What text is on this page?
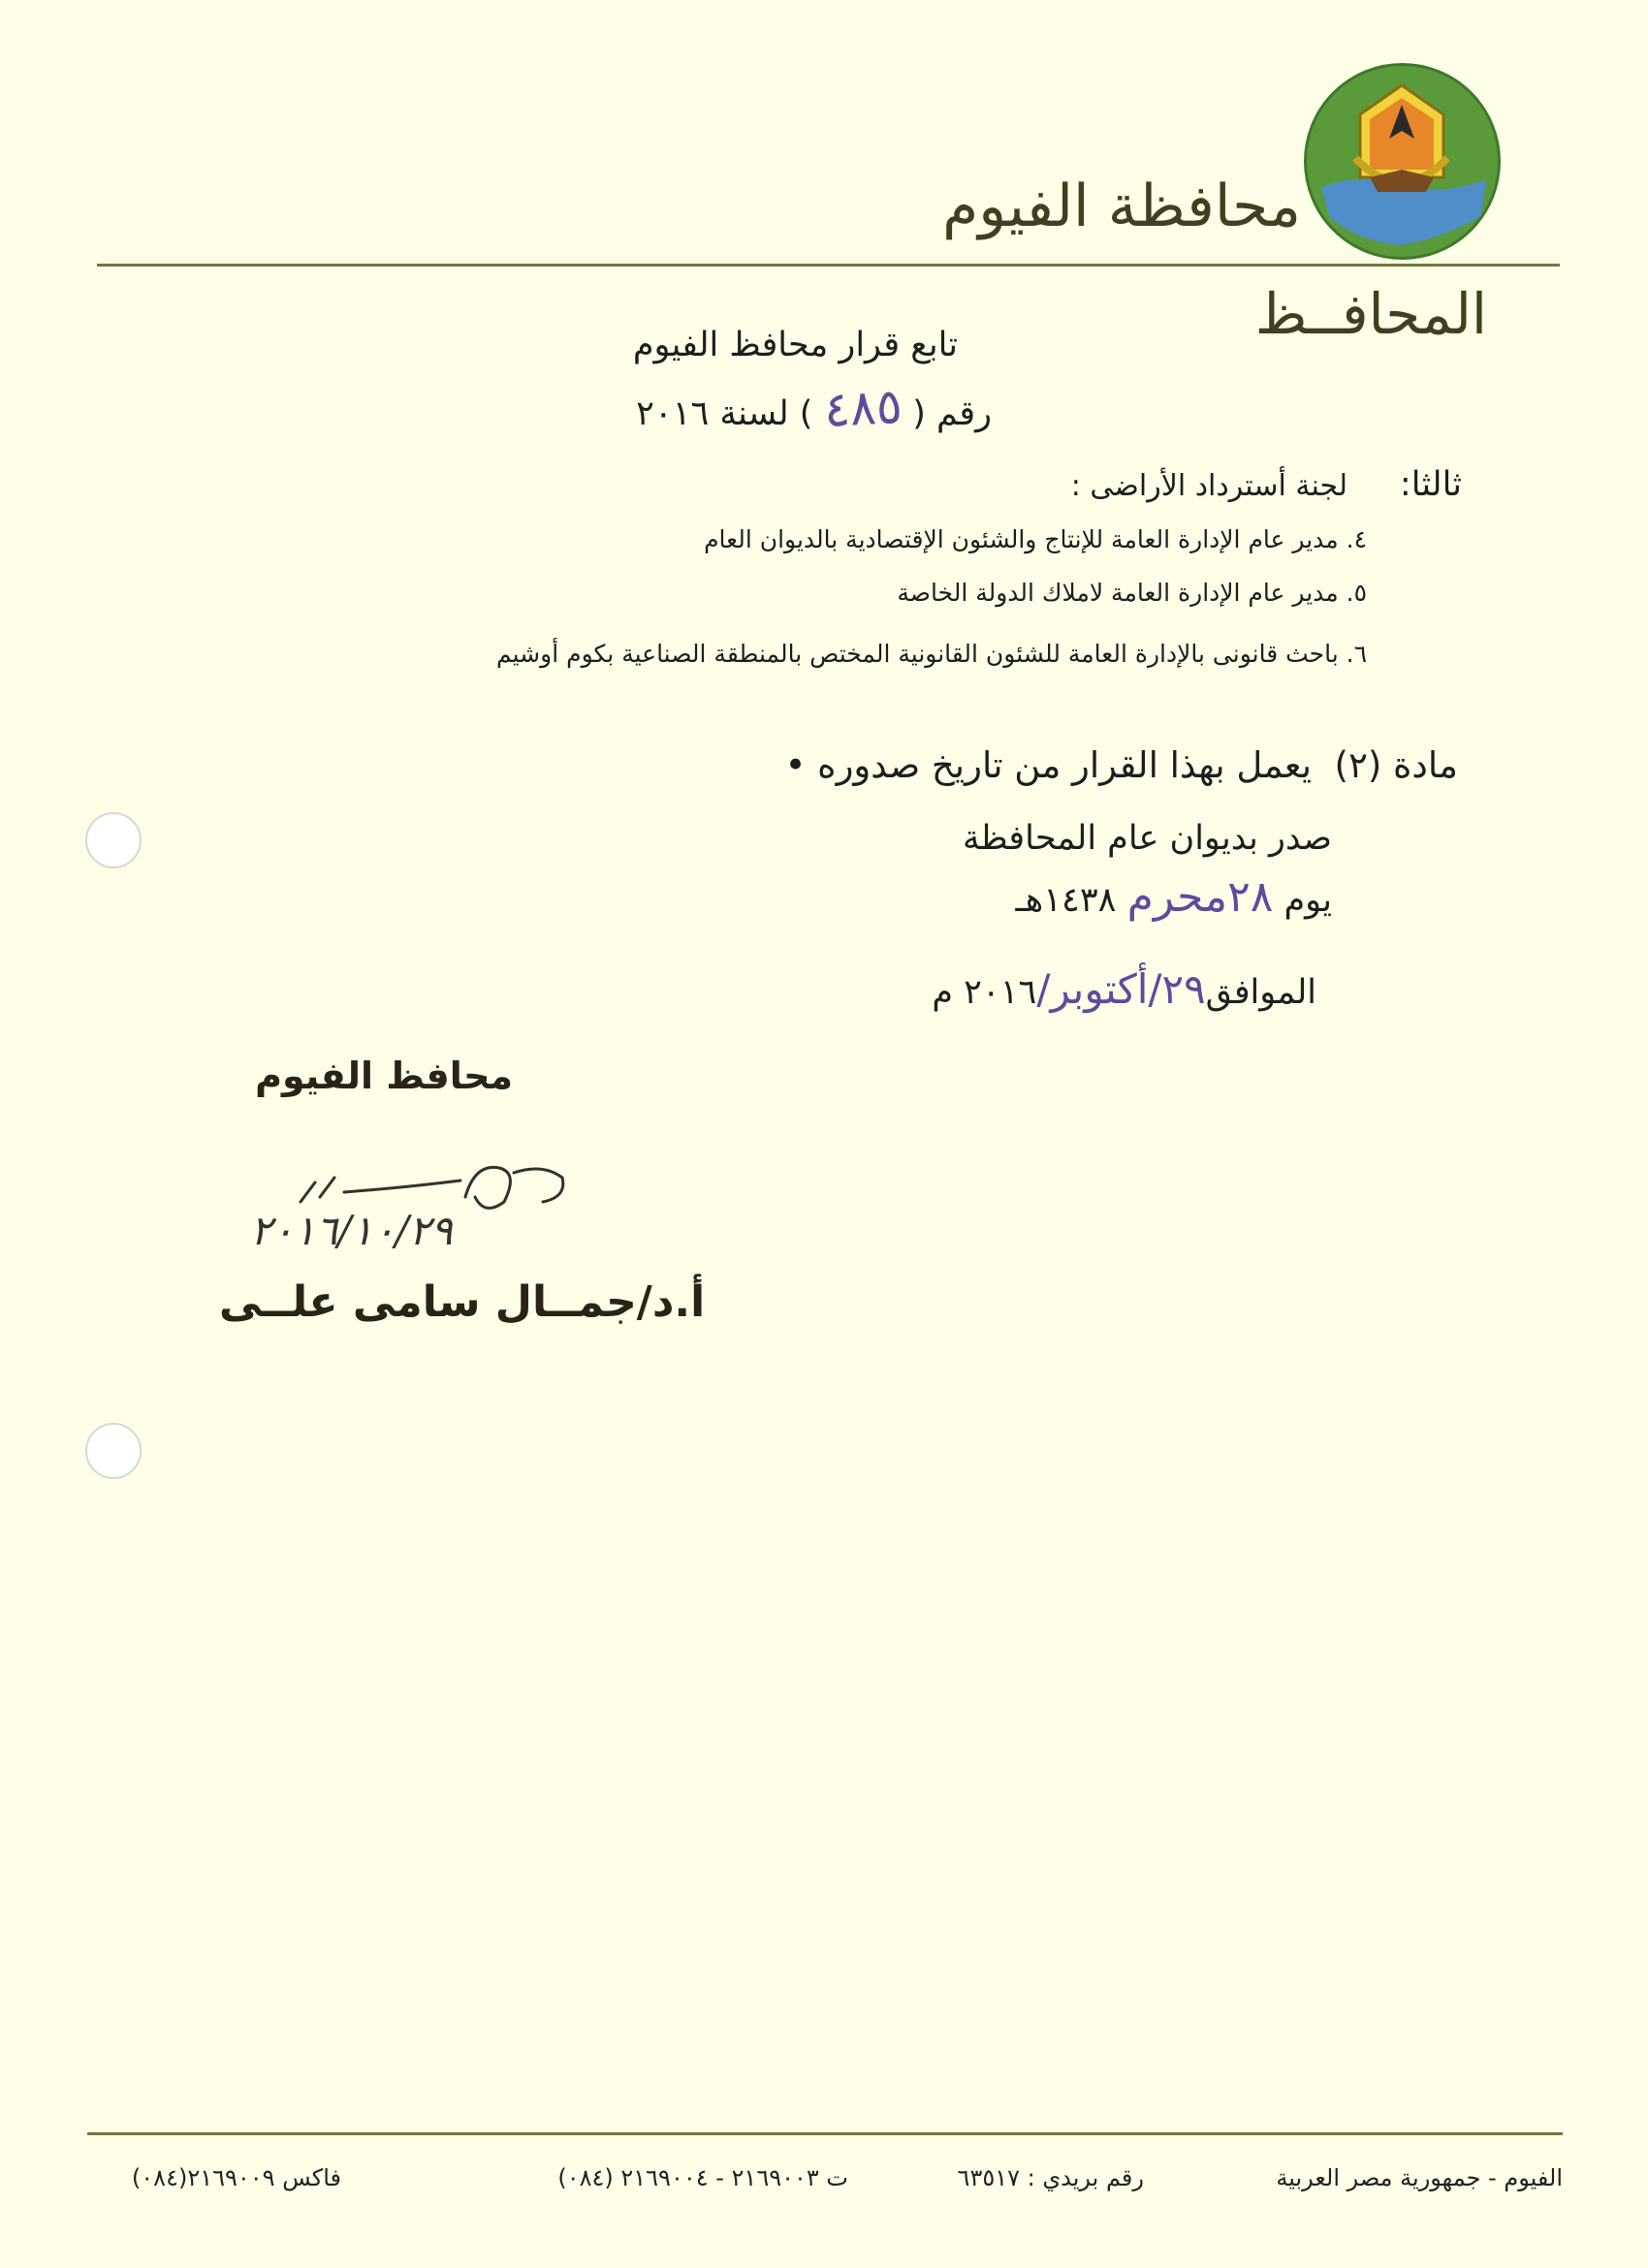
محافظة الفيوم
المحافــظ
تابع قرار محافظ الفيوم
رقم ( ٤٨٥ ) لسنة ٢٠١٦
ثالثا:
لجنة أسترداد الأراضى :
٤. مدير عام الإدارة العامة للإنتاج والشئون الإقتصادية بالديوان العام
٥. مدير عام الإدارة العامة لاملاك الدولة الخاصة
٦. باحث قانونى بالإدارة العامة للشئون القانونية المختص بالمنطقة الصناعية بكوم أوشيم
مادة (٢)  يعمل بهذا القرار من تاريخ صدوره •
صدر بديوان عام المحافظة
يوم ٢٨محرم ١٤٣٨هـ
الموافق٢٩/أكتوبر/٢٠١٦ م
محافظ الفيوم
٢٠١٦/١٠/٢٩
أ.د/جمــال سامى علــى
الفيوم - جمهورية مصر العربية
رقم بريدي : ٦٣٥١٧
ت ٢١٦٩٠٠٣ - ٢١٦٩٠٠٤ (٠٨٤)
فاكس ٢١٦٩٠٠٩(٠٨٤)
